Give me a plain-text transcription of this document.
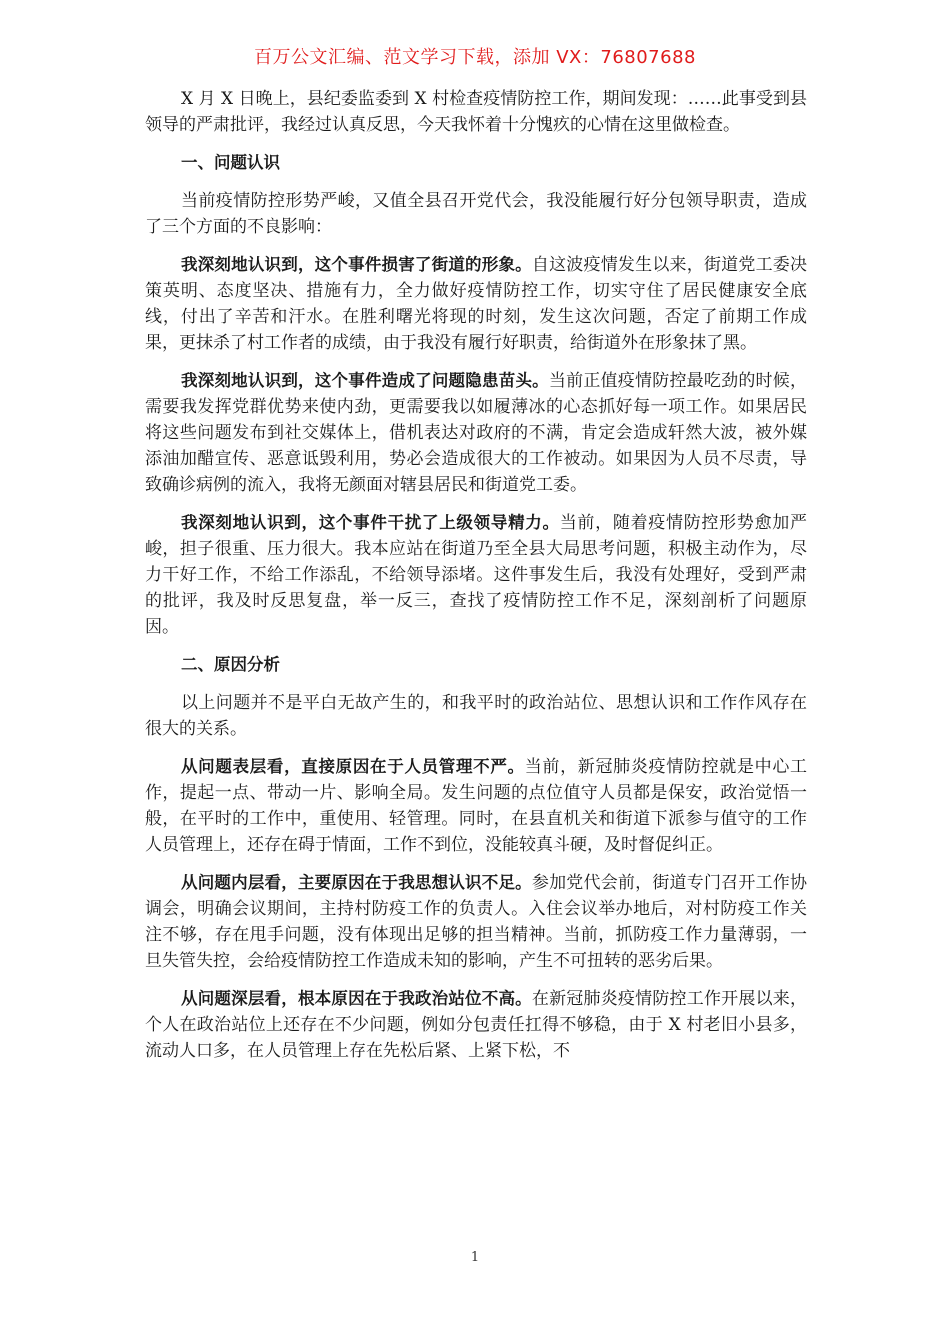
百万公文汇编、范文学习下载，添加 VX：76807688

X 月 X 日晚上，县纪委监委到 X 村检查疫情防控工作，期间发现：……此事受到县领导的严肃批评，我经过认真反思，今天我怀着十分愧疚的心情在这里做检查。

一、问题认识

当前疫情防控形势严峻，又值全县召开党代会，我没能履行好分包领导职责，造成了三个方面的不良影响：

我深刻地认识到，这个事件损害了街道的形象。自这波疫情发生以来，街道党工委决策英明、态度坚决、措施有力，全力做好疫情防控工作，切实守住了居民健康安全底线，付出了辛苦和汗水。在胜利曙光将现的时刻，发生这次问题，否定了前期工作成果，更抹杀了村工作者的成绩，由于我没有履行好职责，给街道外在形象抹了黑。

我深刻地认识到，这个事件造成了问题隐患苗头。当前正值疫情防控最吃劲的时候，需要我发挥党群优势来使内劲，更需要我以如履薄冰的心态抓好每一项工作。如果居民将这些问题发布到社交媒体上，借机表达对政府的不满，肯定会造成轩然大波，被外媒添油加醋宣传、恶意诋毁利用，势必会造成很大的工作被动。如果因为人员不尽责，导致确诊病例的流入，我将无颜面对辖县居民和街道党工委。

我深刻地认识到，这个事件干扰了上级领导精力。当前，随着疫情防控形势愈加严峻，担子很重、压力很大。我本应站在街道乃至全县大局思考问题，积极主动作为，尽力干好工作，不给工作添乱，不给领导添堵。这件事发生后，我没有处理好，受到严肃的批评，我及时反思复盘，举一反三，查找了疫情防控工作不足，深刻剖析了问题原因。

二、原因分析

以上问题并不是平白无故产生的，和我平时的政治站位、思想认识和工作作风存在很大的关系。

从问题表层看，直接原因在于人员管理不严。当前，新冠肺炎疫情防控就是中心工作，提起一点、带动一片、影响全局。发生问题的点位值守人员都是保安，政治觉悟一般，在平时的工作中，重使用、轻管理。同时，在县直机关和街道下派参与值守的工作人员管理上，还存在碍于情面，工作不到位，没能较真斗硬，及时督促纠正。

从问题内层看，主要原因在于我思想认识不足。参加党代会前，街道专门召开工作协调会，明确会议期间，主持村防疫工作的负责人。入住会议举办地后，对村防疫工作关注不够，存在甩手问题，没有体现出足够的担当精神。当前，抓防疫工作力量薄弱，一旦失管失控，会给疫情防控工作造成未知的影响，产生不可扭转的恶劣后果。

从问题深层看，根本原因在于我政治站位不高。在新冠肺炎疫情防控工作开展以来，个人在政治站位上还存在不少问题，例如分包责任扛得不够稳，由于 X 村老旧小县多，流动人口多，在人员管理上存在先松后紧、上紧下松，不

1
